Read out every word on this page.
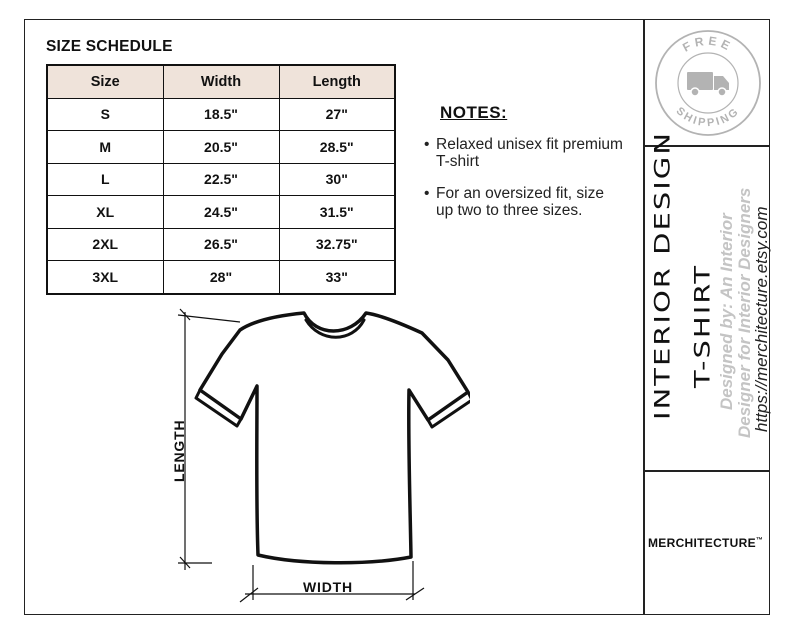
SIZE SCHEDULE
Size	Width	Length
S	18.5"	27"
M	20.5"	28.5"
L	22.5"	30"
XL	24.5"	31.5"
2XL	26.5"	32.75"
3XL	28"	33"
NOTES:
• Relaxed unisex fit premium T-shirt
• For an oversized fit, size up two to three sizes.
FREE
SHIPPING
INTERIOR DESIGN T-SHIRT Designed by: An Interior Designer for Interior Designers
https://merchitecture.etsy.com
MERCHITECTURE™
LENGTH
WIDTH
